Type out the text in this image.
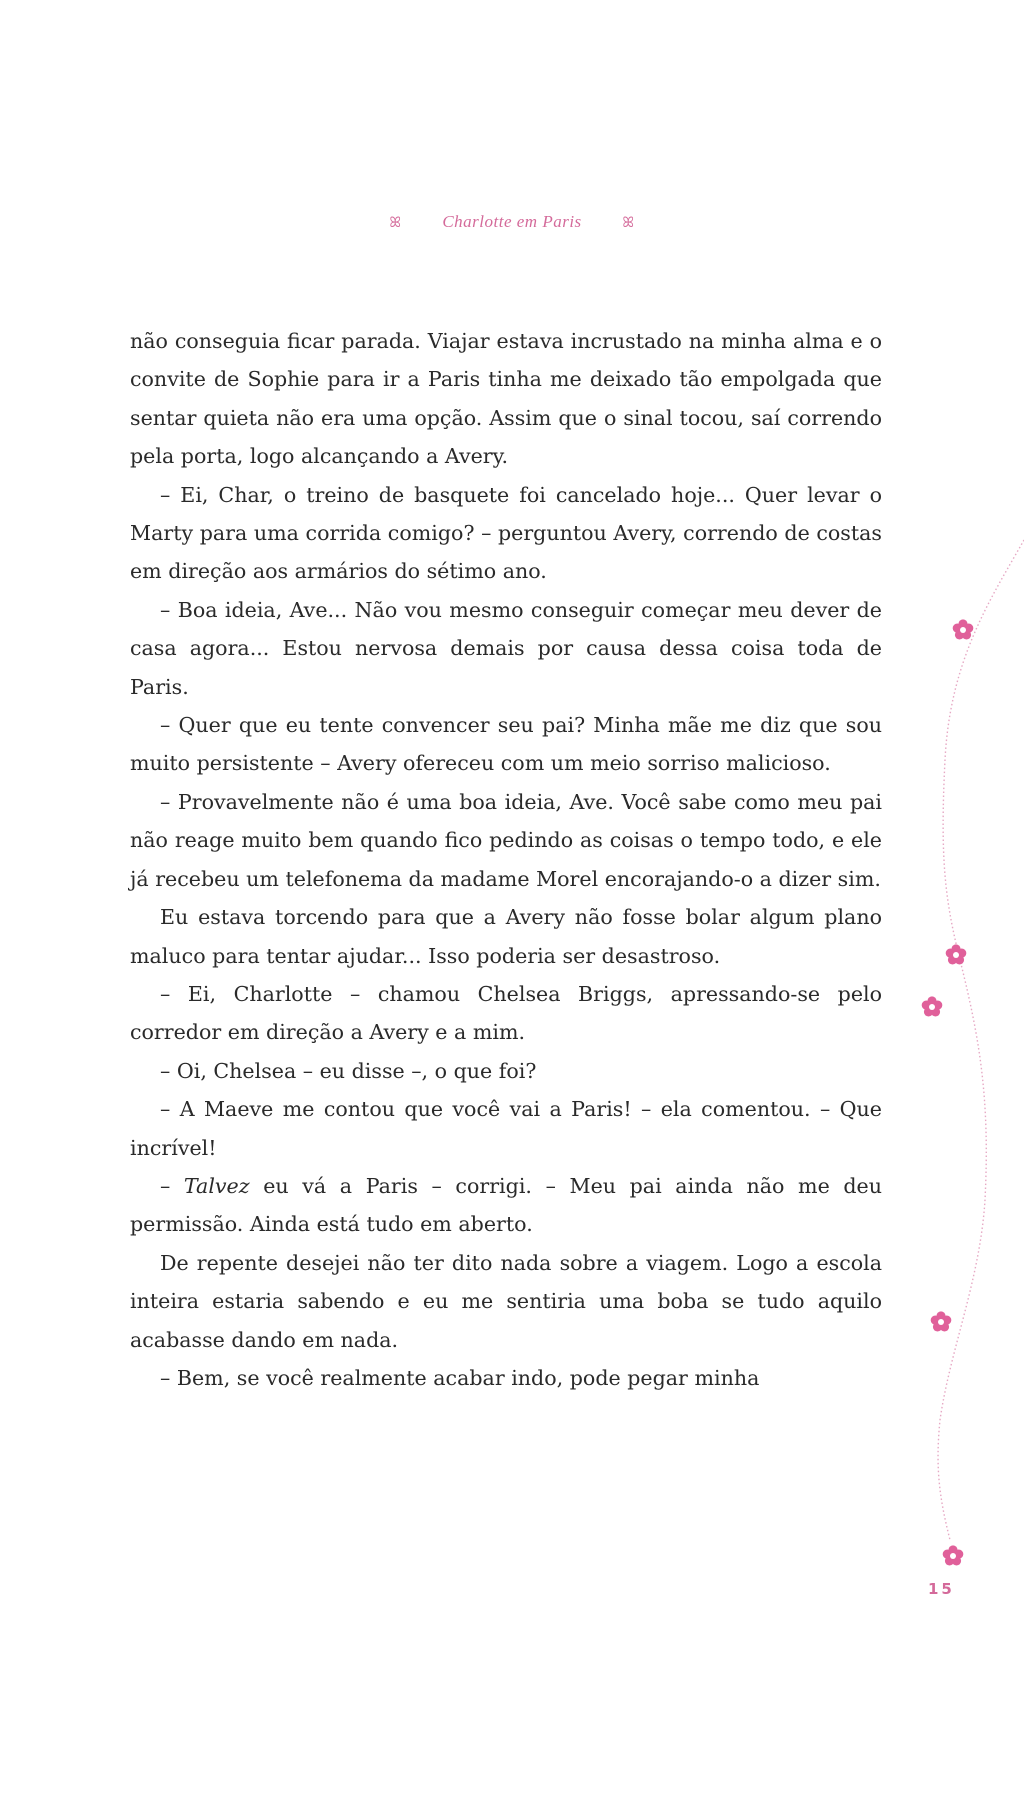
ꕤ Charlotte em Paris	ꕤ

não conseguia ficar parada. Viajar estava incrustado na minha alma e o convite de Sophie para ir a Paris tinha me deixado tão empolgada que sentar quieta não era uma opção. Assim que o sinal tocou, saí correndo pela porta, logo alcançando a Avery.

– Ei, Char, o treino de basquete foi cancelado hoje... Quer levar o Marty para uma corrida comigo? – perguntou Avery, correndo de costas em direção aos armários do sétimo ano.

– Boa ideia, Ave... Não vou mesmo conseguir começar meu dever de casa agora... Estou nervosa demais por causa dessa coisa toda de Paris.

– Quer que eu tente convencer seu pai? Minha mãe me diz que sou muito persistente – Avery ofereceu com um meio sorriso malicioso.

– Provavelmente não é uma boa ideia, Ave. Você sabe como meu pai não reage muito bem quando fico pedindo as coisas o tempo todo, e ele já recebeu um telefonema da madame Morel encorajando-o a dizer sim.

Eu estava torcendo para que a Avery não fosse bolar algum plano maluco para tentar ajudar... Isso poderia ser desastroso.

– Ei, Charlotte – chamou Chelsea Briggs, apressando-se pelo corredor em direção a Avery e a mim.

– Oi, Chelsea – eu disse –, o que foi?

– A Maeve me contou que você vai a Paris! – ela comentou. – Que incrível!

– Talvez eu vá a Paris – corrigi. – Meu pai ainda não me deu permissão. Ainda está tudo em aberto.

De repente desejei não ter dito nada sobre a viagem. Logo a escola inteira estaria sabendo e eu me sentiria uma boba se tudo aquilo acabasse dando em nada.

– Bem, se você realmente acabar indo, pode pegar minha

15
